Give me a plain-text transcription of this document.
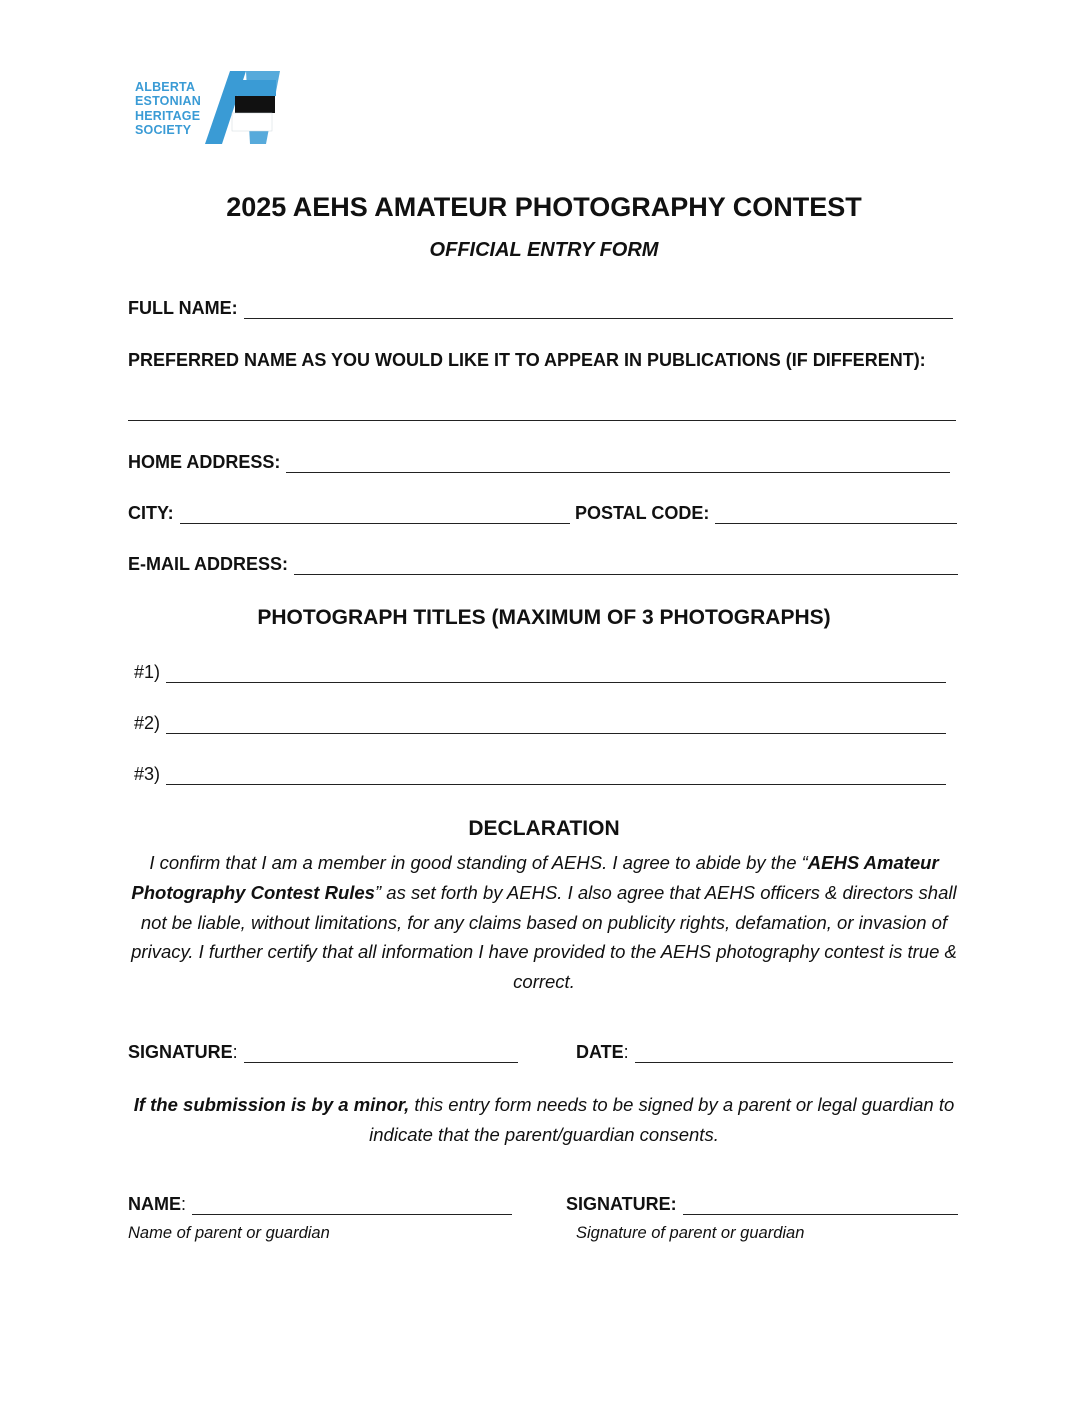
ALBERTA
ESTONIAN
HERITAGE
SOCIETY
2025 AEHS AMATEUR PHOTOGRAPHY CONTEST
OFFICIAL ENTRY FORM
FULL NAME:
PREFERRED NAME AS YOU WOULD LIKE IT TO APPEAR IN PUBLICATIONS (IF DIFFERENT):
HOME ADDRESS:
CITY:	POSTAL CODE:
E-MAIL ADDRESS:
PHOTOGRAPH TITLES (MAXIMUM OF 3 PHOTOGRAPHS)
#1)
#2)
#3)
DECLARATION
I confirm that I am a member in good standing of AEHS. I agree to abide by the “AEHS Amateur Photography Contest Rules” as set forth by AEHS. I also agree that AEHS officers & directors shall not be liable, without limitations, for any claims based on publicity rights, defamation, or invasion of privacy. I further certify that all information I have provided to the AEHS photography contest is true & correct.
SIGNATURE :	DATE :
If the submission is by a minor, this entry form needs to be signed by a parent or legal guardian to indicate that the parent/guardian consents.
NAME :
Name of parent or guardian
SIGNATURE:
Signature of parent or guardian
